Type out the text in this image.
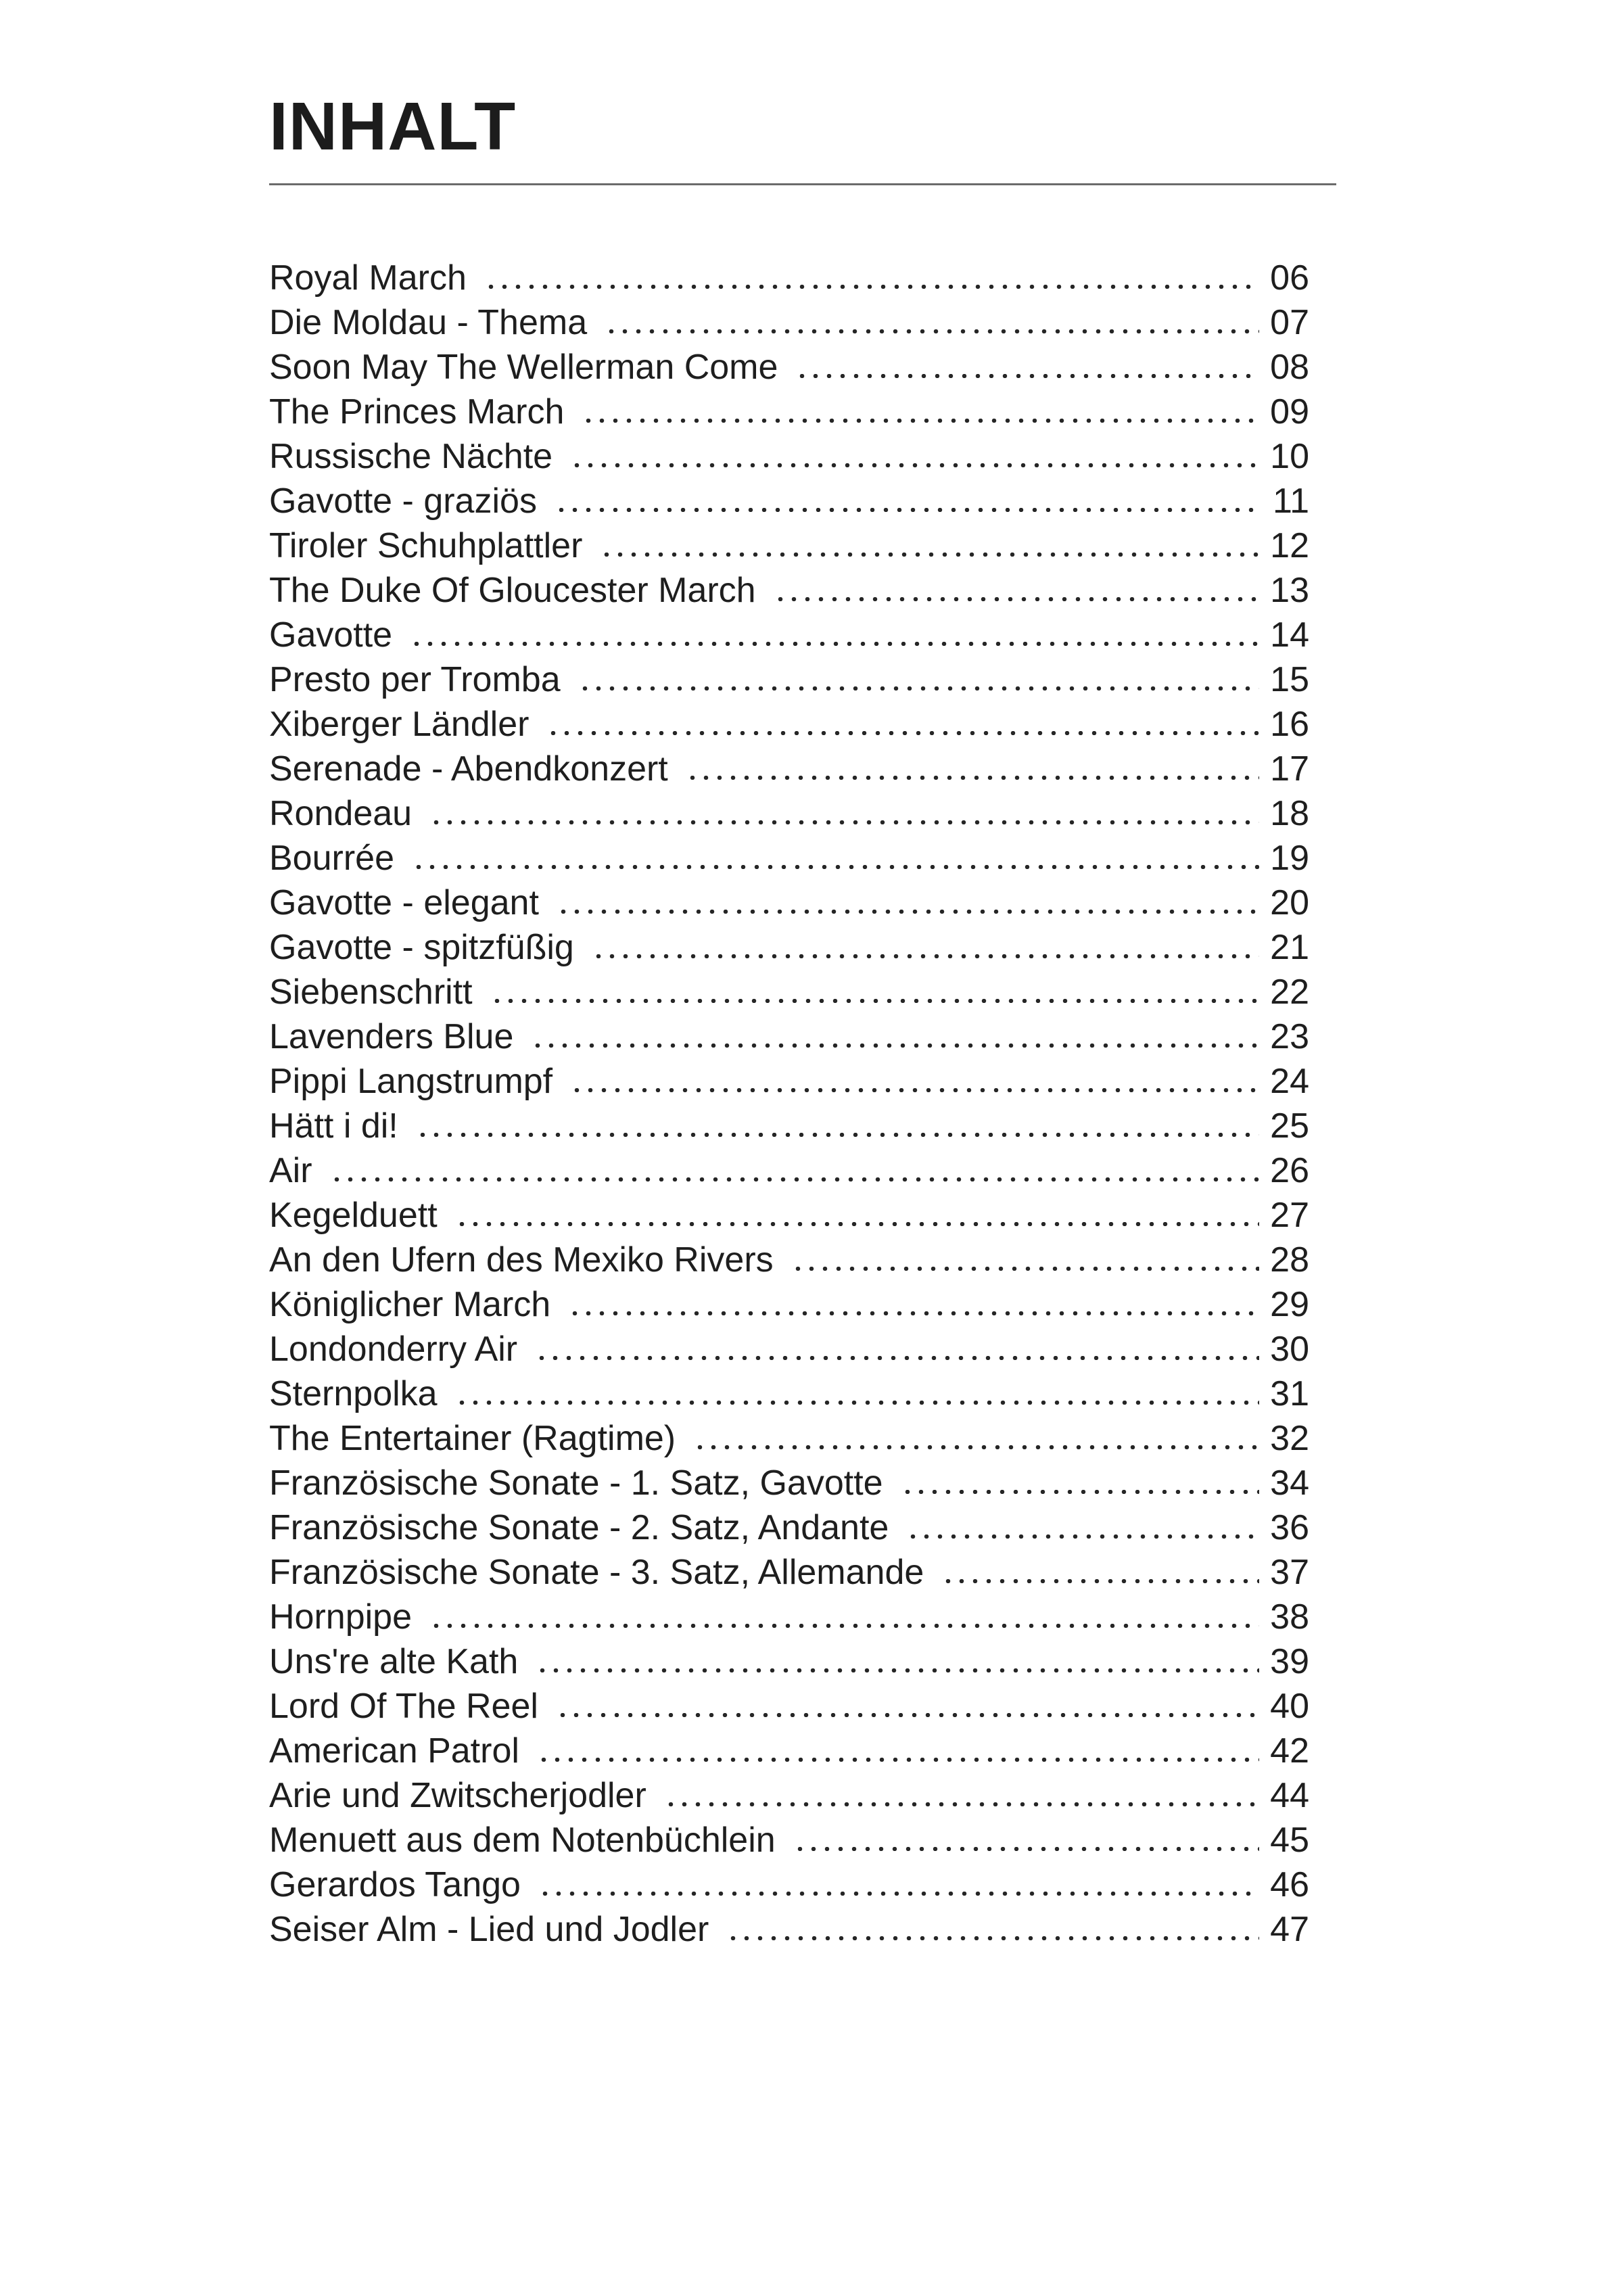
INHALT
Royal March	06
Die Moldau - Thema	07
Soon May The Wellerman Come	08
The Princes March	09
Russische Nächte	10
Gavotte - graziös	11
Tiroler Schuhplattler	12
The Duke Of Gloucester March	13
Gavotte	14
Presto per Tromba	15
Xiberger Ländler	16
Serenade - Abendkonzert	17
Rondeau	18
Bourrée	19
Gavotte - elegant	20
Gavotte - spitzfüßig	21
Siebenschritt	22
Lavenders Blue	23
Pippi Langstrumpf	24
Hätt i di!	25
Air	26
Kegelduett	27
An den Ufern des Mexiko Rivers	28
Königlicher March	29
Londonderry Air	30
Sternpolka	31
The Entertainer (Ragtime)	32
Französische Sonate - 1. Satz, Gavotte	34
Französische Sonate - 2. Satz, Andante	36
Französische Sonate - 3. Satz, Allemande	37
Hornpipe	38
Uns're alte Kath	39
Lord Of The Reel	40
American Patrol	42
Arie und Zwitscherjodler	44
Menuett aus dem Notenbüchlein	45
Gerardos Tango	46
Seiser Alm - Lied und Jodler	47
